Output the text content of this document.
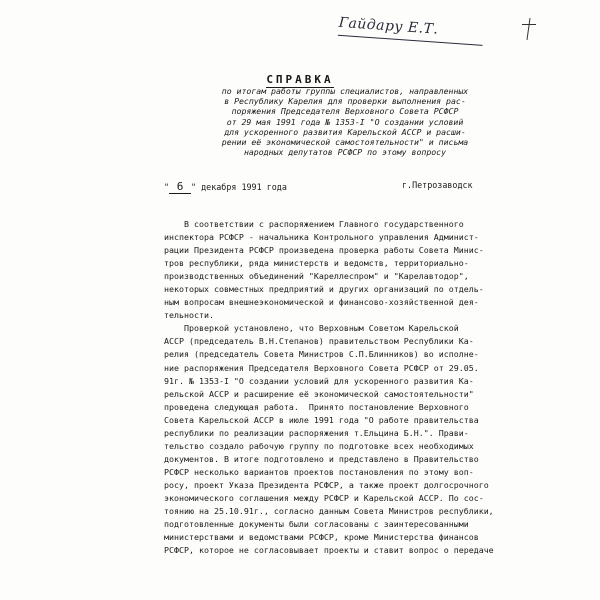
Гайдару Е.Т.
СПРАВКА
по итогам работы группы специалистов, направленных
в Республику Карелия для проверки выполнения рас-
поряжения Председателя Верховного Совета РСФСР
от 29 мая 1991 года № 1353-I "О создании условий
для ускоренного развития Карельской АССР и расши-
рении её экономической самостоятельности" и письма
народных депутатов РСФСР по этому вопросу
" 6 " декабря 1991 года	г.Петрозаводск
В соответствии с распоряжением Главного государственного
инспектора РСФСР - начальника Контрольного управления Админист-
рации Президента РСФСР произведена проверка работы Совета Минис-
тров республики, ряда министерств и ведомств, территориально-
производственных объединений "Кареллеспром" и "Карелавтодор",
некоторых совместных предприятий и других организаций по отдель-
ным вопросам внешнеэкономической и финансово-хозяйственной дея-
тельности.
Проверкой установлено, что Верховным Советом Карельской
АССР (председатель В.Н.Степанов) правительством Республики Ка-
релия (председатель Совета Министров С.П.Блинников) во исполне-
ние распоряжения Председателя Верховного Совета РСФСР от 29.05.
91г. № 1353-I "О создании условий для ускоренного развития Ка-
рельской АССР и расширение её экономической самостоятельности"
проведена следующая работа.  Принято постановление Верховного
Совета Карельской АССР в июле 1991 года "О работе правительства
республики по реализации распоряжения т.Ельцина Б.Н.". Прави-
тельство создало рабочую группу по подготовке всех необходимых
документов. В итоге подготовлено и представлено в Правительство
РСФСР несколько вариантов проектов постановления по этому воп-
росу, проект Указа Президента РСФСР, а также проект долгосрочного
экономического соглашения между РСФСР и Карельской АССР. По сос-
тоянию на 25.10.91г., согласно данным Совета Министров республики,
подготовленные документы были согласованы с заинтересованными
министерствами и ведомствами РСФСР, кроме Министерства финансов
РСФСР, которое не согласовывает проекты и ставит вопрос о передаче
